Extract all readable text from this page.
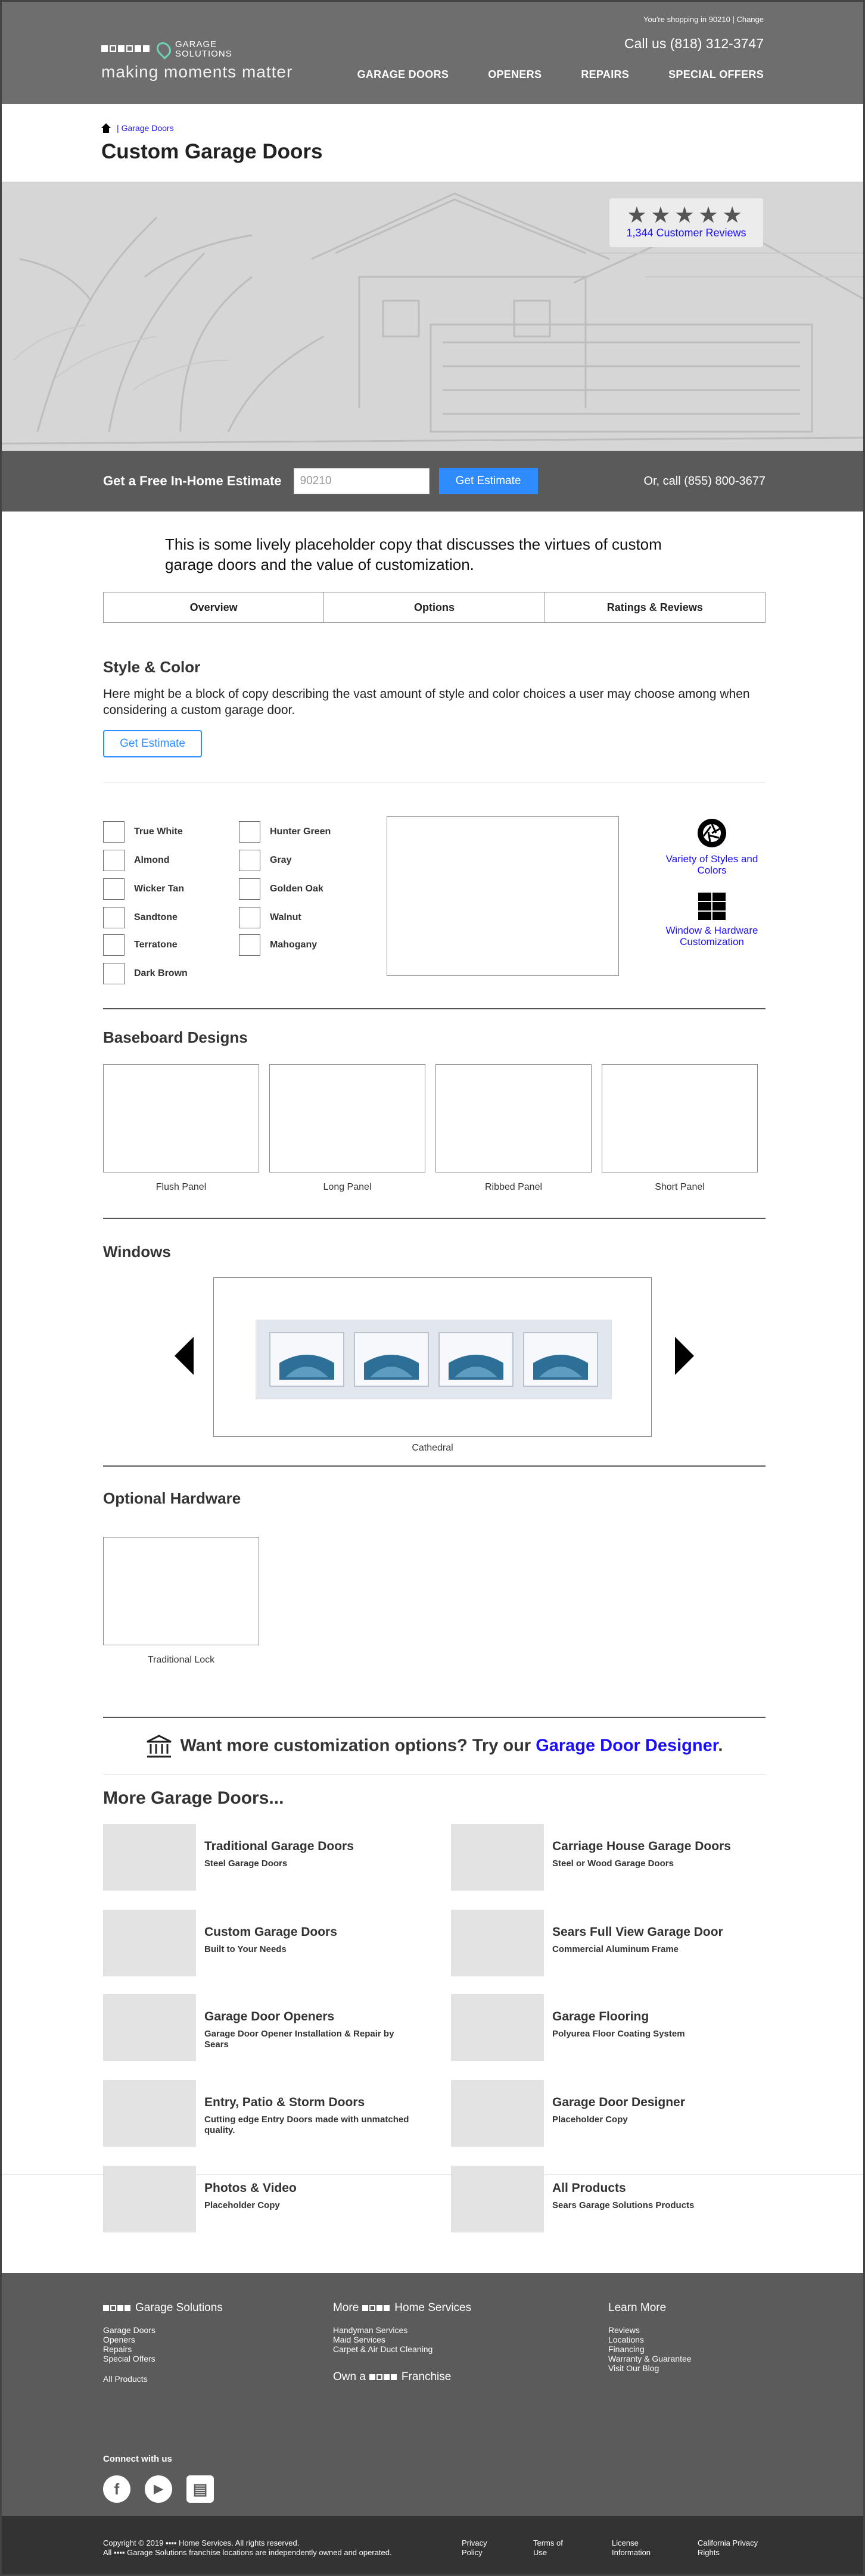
GARAGE
SOLUTIONS
making moments matter
You're shopping in 90210 | Change
Call us (818) 312-3747
GARAGE DOORS	OPENERS	REPAIRS	SPECIAL OFFERS
| Garage Doors
Custom Garage Doors
★★★★★
1,344 Customer Reviews
Get a Free In-Home Estimate
90210	Get Estimate	Or, call (855) 800-3677

This is some lively placeholder copy that discusses the virtues of custom garage doors and the value of customization.

Overview	Options	Ratings & Reviews
Style & Color

Here might be a block of copy describing the vast amount of style and color choices a user may choose among when considering a custom garage door.

Get Estimate
True White
Almond
Wicker Tan
Sandtone
Terratone
Dark Brown
Hunter Green
Gray
Golden Oak
Walnut
Mahogany
Variety of Styles and Colors
Window & Hardware Customization
Baseboard Designs
Flush Panel	Long Panel	Ribbed Panel	Short Panel
Windows
Cathedral
Optional Hardware
Traditional Lock
Want more customization options? Try our Garage Door Designer.
More Garage Doors...
Traditional Garage Doors
Steel Garage Doors
Carriage House Garage Doors
Steel or Wood Garage Doors
Custom Garage Doors
Built to Your Needs
Sears Full View Garage Door
Commercial Aluminum Frame
Garage Door Openers
Garage Door Opener Installation & Repair by Sears
Garage Flooring
Polyurea Floor Coating System
Entry, Patio & Storm Doors
Cutting edge Entry Doors made with unmatched quality.
Garage Door Designer
Placeholder Copy
Photos & Video
Placeholder Copy
All Products
Sears Garage Solutions Products
Garage Solutions
Garage Doors
Openers
Repairs
Special Offers
All Products
More	Home Services
Handyman Services
Maid Services
Carpet & Air Duct Cleaning
Own a	Franchise
Learn More
Reviews
Locations
Financing
Warranty & Guarantee
Visit Our Blog
Connect with us
f	▶	▤
Copyright © 2019 ▪▪▪▪ Home Services. All rights reserved.
All ▪▪▪▪ Garage Solutions franchise locations are independently owned and operated.
Privacy Policy
Terms of Use
License Information
California Privacy Rights
